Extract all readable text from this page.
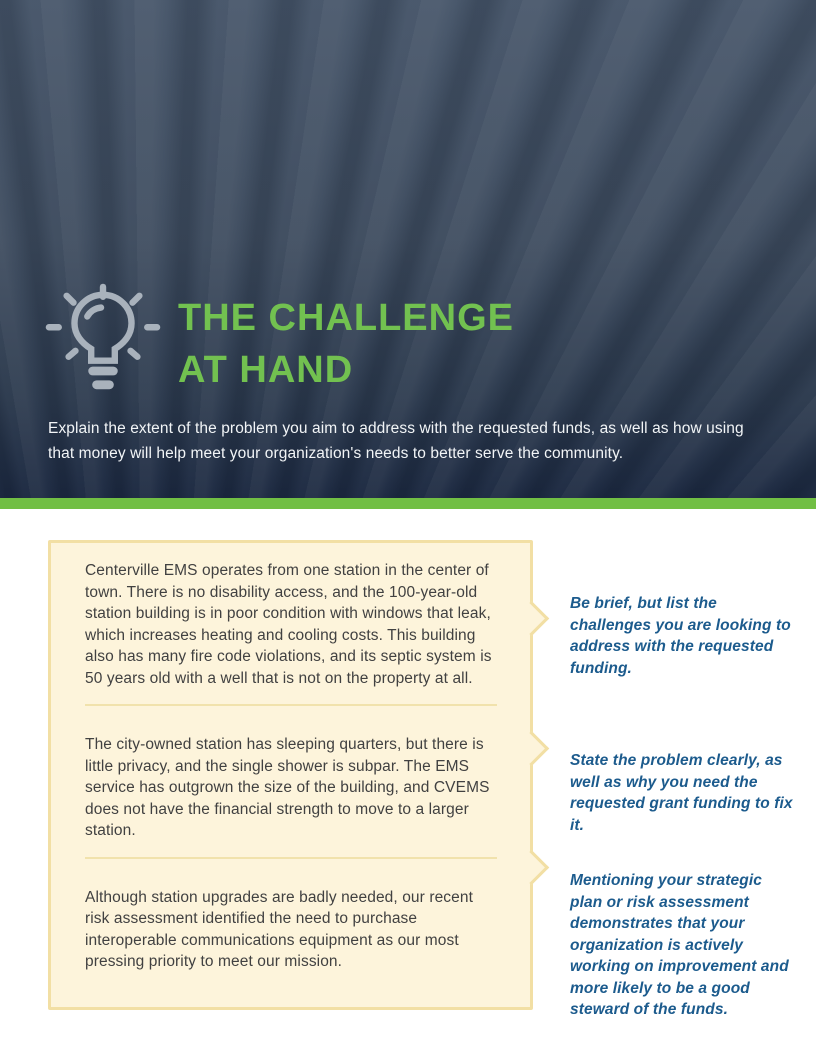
THE CHALLENGE
AT HAND

Explain the extent of the problem you aim to address with the requested funds, as well as how using that money will help meet your organization's needs to better serve the community.

Centerville EMS operates from one station in the center of town. There is no disability access, and the 100-year-old station building is in poor condition with windows that leak, which increases heating and cooling costs. This building also has many fire code violations, and its septic system is 50 years old with a well that is not on the property at all.

The city-owned station has sleeping quarters, but there is little privacy, and the single shower is subpar. The EMS service has outgrown the size of the building, and CVEMS does not have the financial strength to move to a larger station.

Although station upgrades are badly needed, our recent risk assessment identified the need to purchase interoperable communications equipment as our most pressing priority to meet our mission.

Be brief, but list the challenges you are looking to address with the requested funding.

State the problem clearly, as well as why you need the requested grant funding to fix it.

Mentioning your strategic plan or risk assessment demonstrates that your organization is actively working on improvement and more likely to be a good steward of the funds.
